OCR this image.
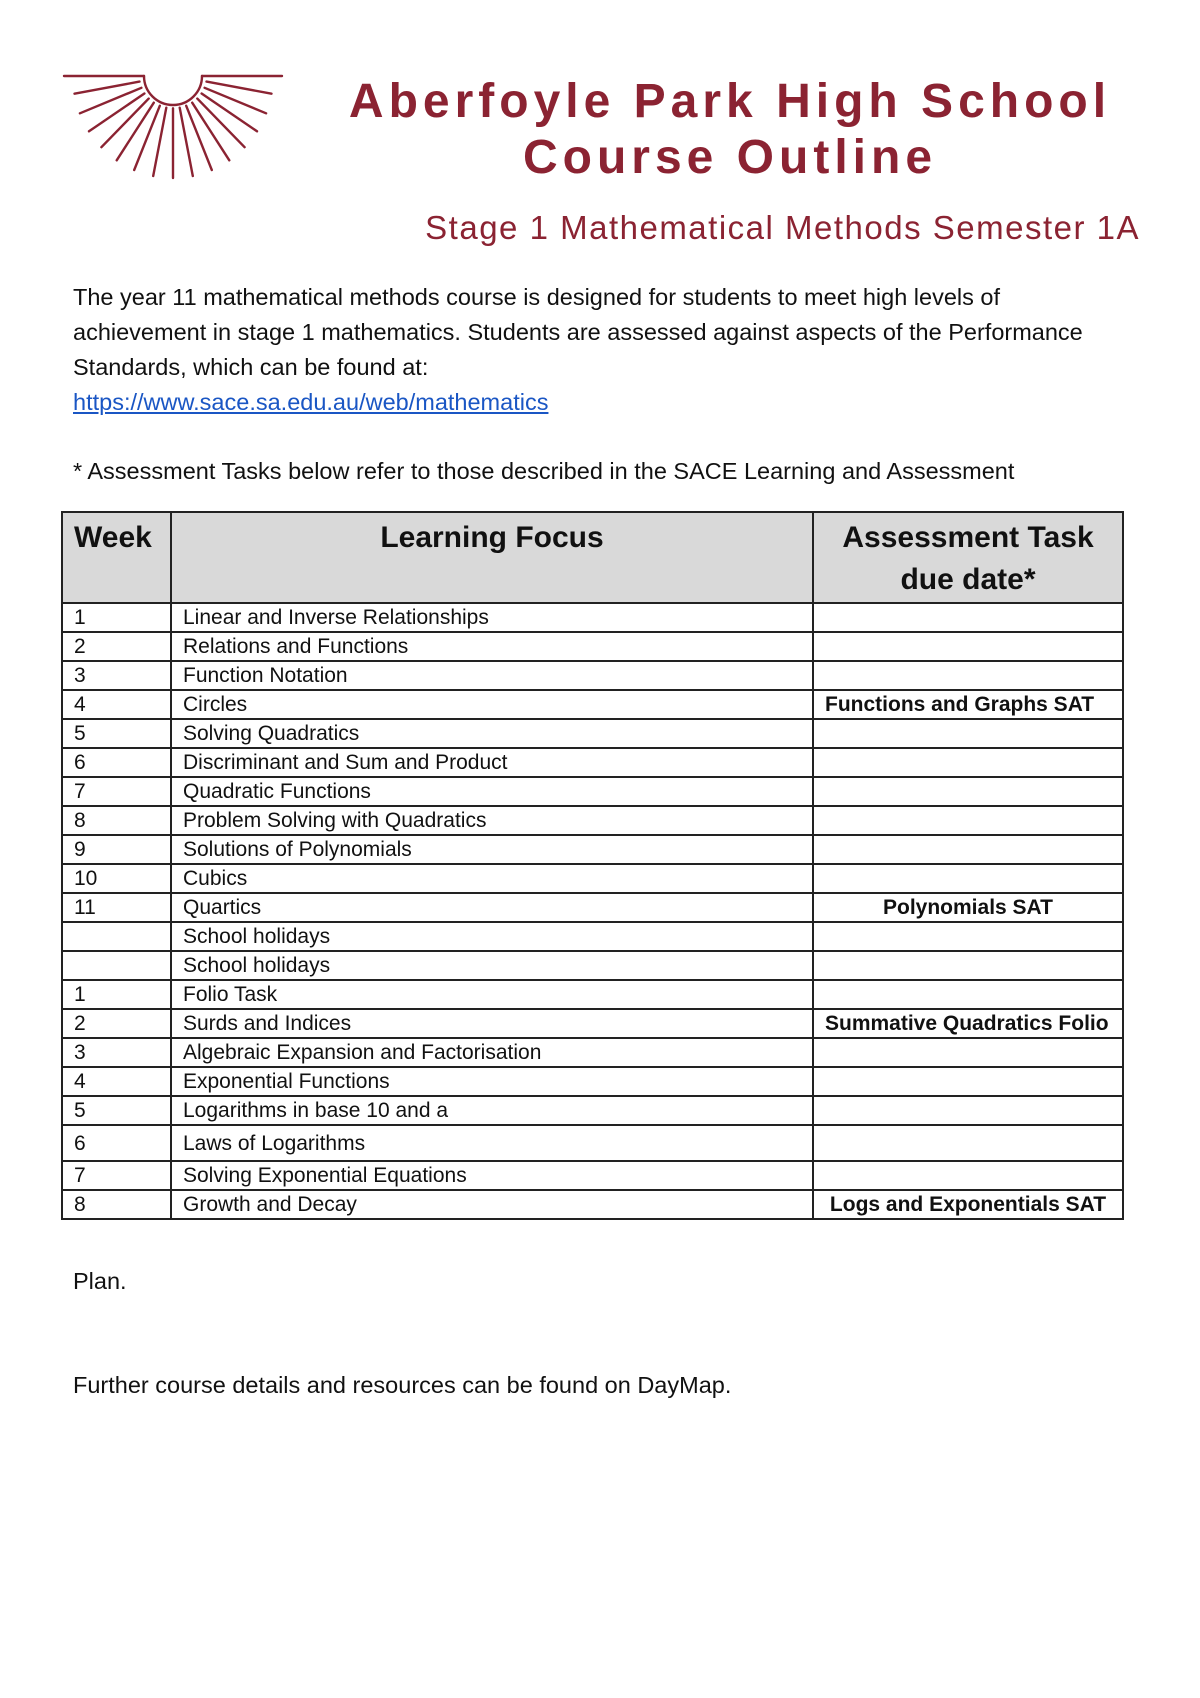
Aberfoyle Park High School
Course Outline
Stage 1 Mathematical Methods Semester 1A

The year 11 mathematical methods course is designed for students to meet high levels of achievement in stage 1 mathematics. Students are assessed against aspects of the Performance Standards, which can be found at:

https://www.sace.sa.edu.au/web/mathematics
* Assessment Tasks below refer to those described in the SACE Learning and Assessment
Week	Learning Focus	Assessment Task
due date*
1	Linear and Inverse Relationships	
2	Relations and Functions	
3	Function Notation	
4	Circles	Functions and Graphs SAT
5	Solving Quadratics	
6	Discriminant and Sum and Product	
7	Quadratic Functions	
8	Problem Solving with Quadratics	
9	Solutions of Polynomials	
10	Cubics	
11	Quartics	Polynomials SAT
	School holidays	
	School holidays	
1	Folio Task	
2	Surds and Indices	Summative Quadratics Folio
3	Algebraic Expansion and Factorisation	
4	Exponential Functions	
5	Logarithms in base 10 and a	
6	Laws of Logarithms	
7	Solving Exponential Equations	
8	Growth and Decay	Logs and Exponentials SAT
Plan.
Further course details and resources can be found on DayMap.
